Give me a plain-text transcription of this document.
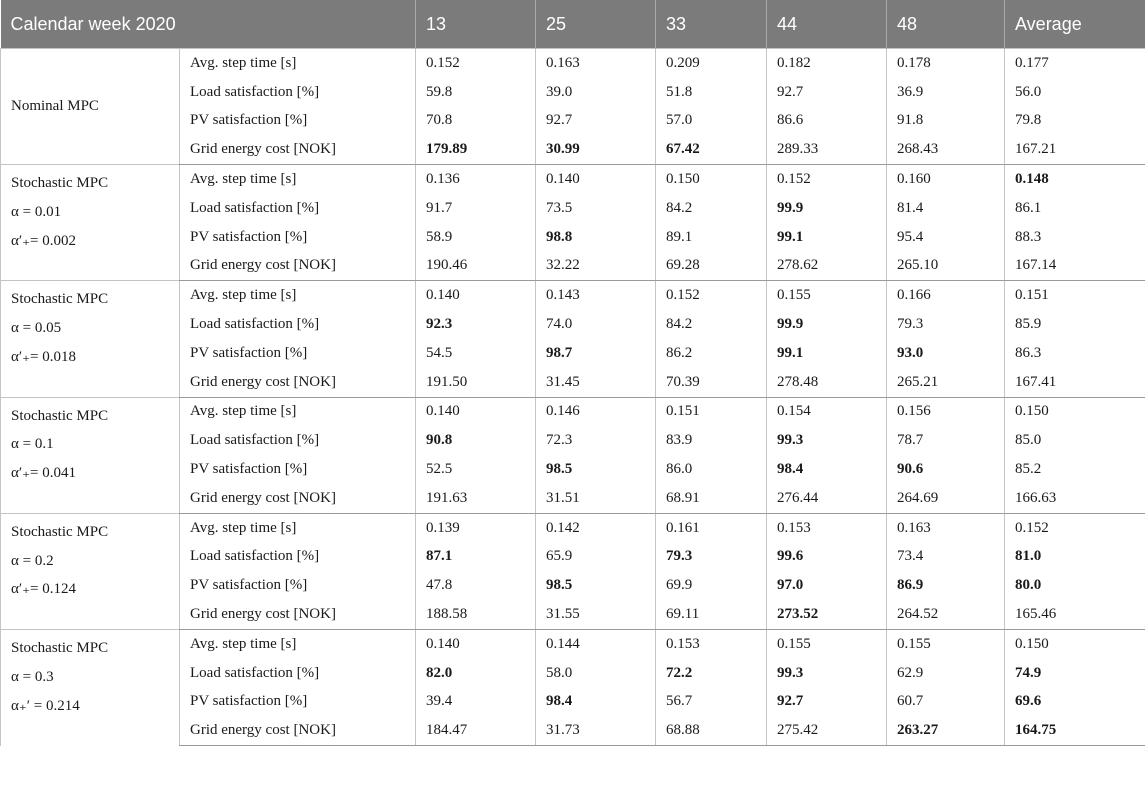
Calendar week 2020		13	25	33	44	48	Average
Nominal MPC	Avg. step time [s]	0.152	0.163	0.209	0.182	0.178	0.177
	Load satisfaction [%]	59.8	39.0	51.8	92.7	36.9	56.0
	PV satisfaction [%]	70.8	92.7	57.0	86.6	91.8	79.8
	Grid energy cost [NOK]	179.89	30.99	67.42	289.33	268.43	167.21

Stochastic MPC
α = 0.01
α′₊= 0.002	Avg. step time [s]	0.136	0.140	0.150	0.152	0.160	0.148
	Load satisfaction [%]	91.7	73.5	84.2	99.9	81.4	86.1
	PV satisfaction [%]	58.9	98.8	89.1	99.1	95.4	88.3
	Grid energy cost [NOK]	190.46	32.22	69.28	278.62	265.10	167.14

Stochastic MPC
α = 0.05
α′₊= 0.018	Avg. step time [s]	0.140	0.143	0.152	0.155	0.166	0.151
	Load satisfaction [%]	92.3	74.0	84.2	99.9	79.3	85.9
	PV satisfaction [%]	54.5	98.7	86.2	99.1	93.0	86.3
	Grid energy cost [NOK]	191.50	31.45	70.39	278.48	265.21	167.41

Stochastic MPC
α = 0.1
α′₊= 0.041	Avg. step time [s]	0.140	0.146	0.151	0.154	0.156	0.150
	Load satisfaction [%]	90.8	72.3	83.9	99.3	78.7	85.0
	PV satisfaction [%]	52.5	98.5	86.0	98.4	90.6	85.2
	Grid energy cost [NOK]	191.63	31.51	68.91	276.44	264.69	166.63

Stochastic MPC
α = 0.2
α′₊= 0.124	Avg. step time [s]	0.139	0.142	0.161	0.153	0.163	0.152
	Load satisfaction [%]	87.1	65.9	79.3	99.6	73.4	81.0
	PV satisfaction [%]	47.8	98.5	69.9	97.0	86.9	80.0
	Grid energy cost [NOK]	188.58	31.55	69.11	273.52	264.52	165.46

Stochastic MPC
α = 0.3
α₊′ = 0.214	Avg. step time [s]	0.140	0.144	0.153	0.155	0.155	0.150
	Load satisfaction [%]	82.0	58.0	72.2	99.3	62.9	74.9
	PV satisfaction [%]	39.4	98.4	56.7	92.7	60.7	69.6
	Grid energy cost [NOK]	184.47	31.73	68.88	275.42	263.27	164.75
